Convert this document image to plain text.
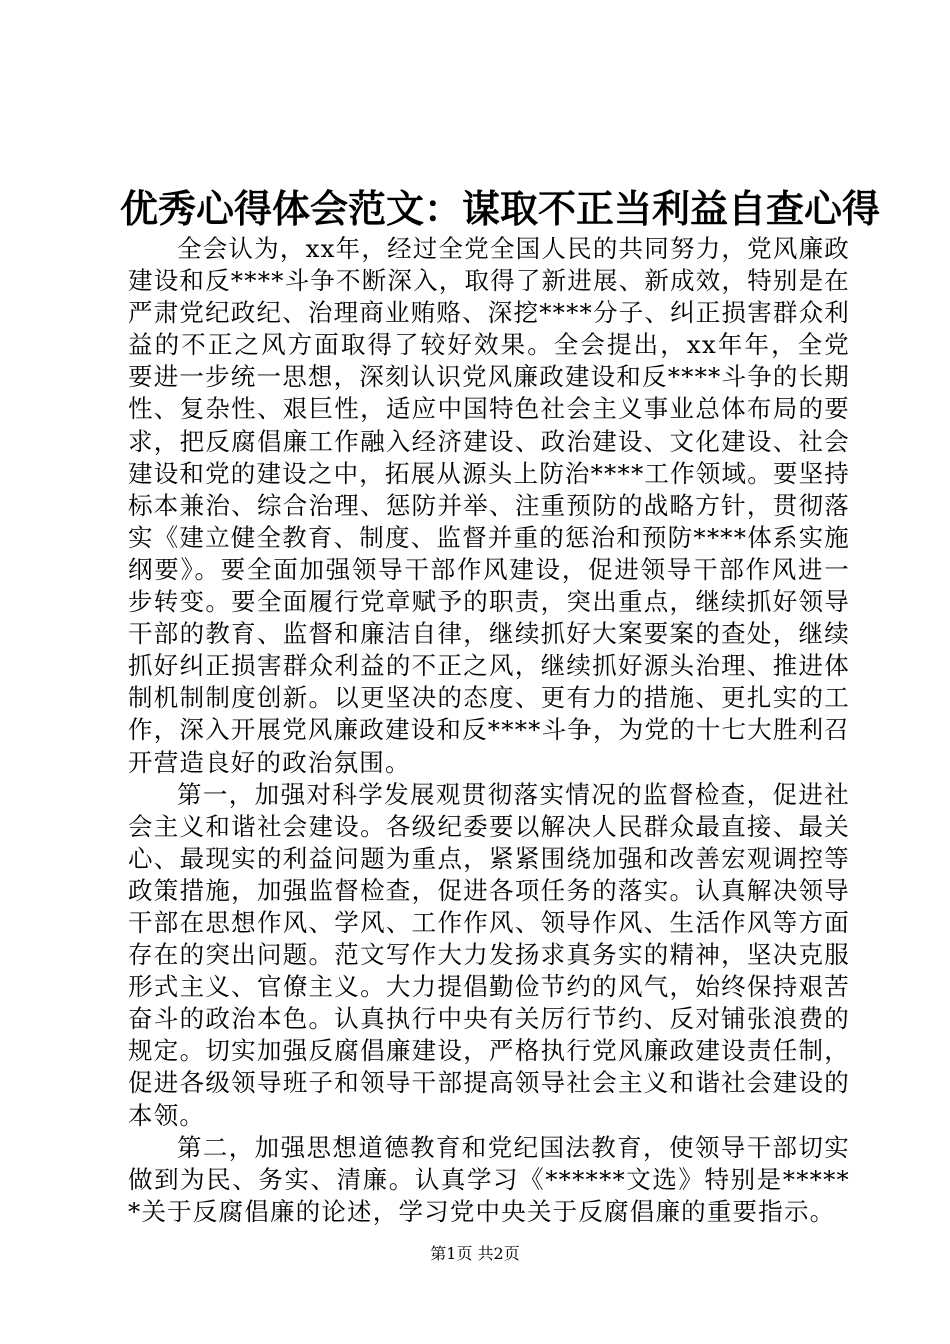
优秀心得体会范文：谋取不正当利益自查心得

全会认为，xx年，经过全党全国人民的共同努力，党风廉政建设和反****斗争不断深入，取得了新进展、新成效，特别是在严肃党纪政纪、治理商业贿赂、深挖****分子、纠正损害群众利益的不正之风方面取得了较好效果。全会提出，xx年年，全党要进一步统一思想，深刻认识党风廉政建设和反****斗争的长期性、复杂性、艰巨性，适应中国特色社会主义事业总体布局的要求，把反腐倡廉工作融入经济建设、政治建设、文化建设、社会建设和党的建设之中，拓展从源头上防治****工作领域。要坚持标本兼治、综合治理、惩防并举、注重预防的战略方针，贯彻落实《建立健全教育、制度、监督并重的惩治和预防****体系实施纲要》。要全面加强领导干部作风建设，促进领导干部作风进一步转变。要全面履行党章赋予的职责，突出重点，继续抓好领导干部的教育、监督和廉洁自律，继续抓好大案要案的查处，继续抓好纠正损害群众利益的不正之风，继续抓好源头治理、推进体制机制制度创新。以更坚决的态度、更有力的措施、更扎实的工作，深入开展党风廉政建设和反****斗争，为党的十七大胜利召开营造良好的政治氛围。

第一，加强对科学发展观贯彻落实情况的监督检查，促进社会主义和谐社会建设。各级纪委要以解决人民群众最直接、最关心、最现实的利益问题为重点，紧紧围绕加强和改善宏观调控等政策措施，加强监督检查，促进各项任务的落实。认真解决领导干部在思想作风、学风、工作作风、领导作风、生活作风等方面存在的突出问题。范文写作大力发扬求真务实的精神，坚决克服形式主义、官僚主义。大力提倡勤俭节约的风气，始终保持艰苦奋斗的政治本色。认真执行中央有关厉行节约、反对铺张浪费的规定。切实加强反腐倡廉建设，严格执行党风廉政建设责任制，促进各级领导班子和领导干部提高领导社会主义和谐社会建设的本领。

第二，加强思想道德教育和党纪国法教育，使领导干部切实做到为民、务实、清廉。认真学习《******文选》特别是******关于反腐倡廉的论述，学习党中央关于反腐倡廉的重要指示。

第1页 共2页
